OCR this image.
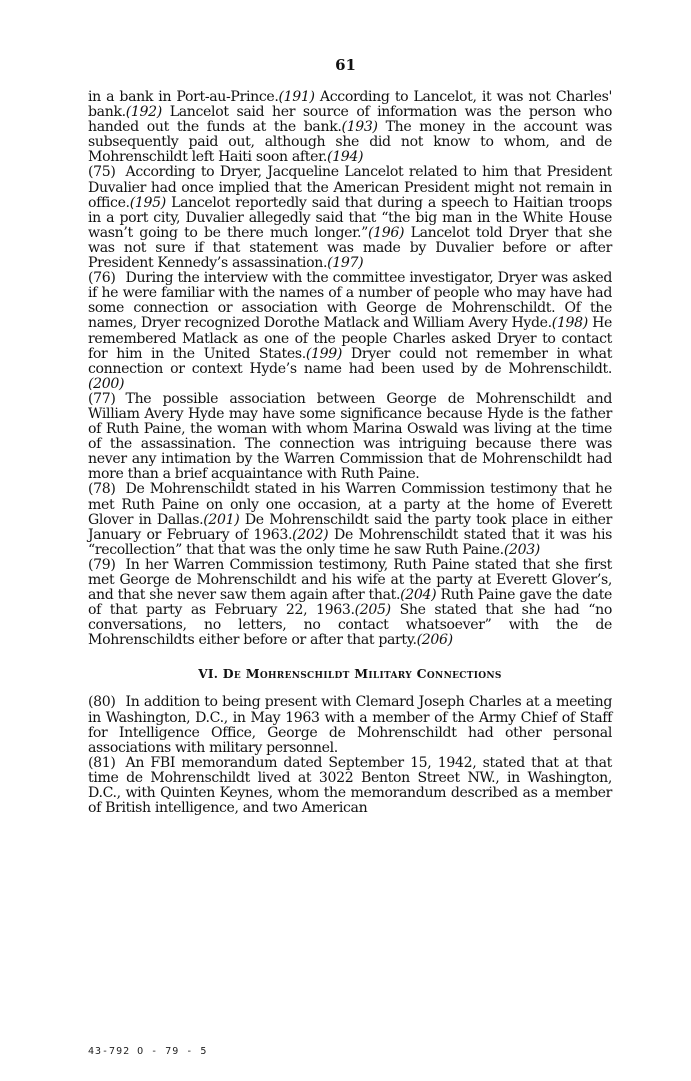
61

in a bank in Port-au-Prince.(191) According to Lancelot, it was not Charles' bank.(192) Lancelot said her source of information was the person who handed out the funds at the bank.(193) The money in the account was subsequently paid out, although she did not know to whom, and de Mohrenschildt left Haiti soon after.(194)

(75) According to Dryer, Jacqueline Lancelot related to him that President Duvalier had once implied that the American President might not remain in office.(195) Lancelot reportedly said that during a speech to Haitian troops in a port city, Duvalier allegedly said that “the big man in the White House wasn’t going to be there much longer.”(196) Lancelot told Dryer that she was not sure if that statement was made by Duvalier before or after President Kennedy’s assassination.(197)

(76) During the interview with the committee investigator, Dryer was asked if he were familiar with the names of a number of people who may have had some connection or association with George de Mohrenschildt. Of the names, Dryer recognized Dorothe Matlack and William Avery Hyde.(198) He remembered Matlack as one of the people Charles asked Dryer to contact for him in the United States.(199) Dryer could not remember in what connection or context Hyde’s name had been used by de Mohrenschildt.(200)

(77) The possible association between George de Mohrenschildt and William Avery Hyde may have some significance because Hyde is the father of Ruth Paine, the woman with whom Marina Oswald was living at the time of the assassination. The connection was intriguing because there was never any intimation by the Warren Commission that de Mohrenschildt had more than a brief acquaintance with Ruth Paine.

(78) De Mohrenschildt stated in his Warren Commission testimony that he met Ruth Paine on only one occasion, at a party at the home of Everett Glover in Dallas.(201) De Mohrenschildt said the party took place in either January or February of 1963.(202) De Mohrenschildt stated that it was his “recollection” that that was the only time he saw Ruth Paine.(203)

(79) In her Warren Commission testimony, Ruth Paine stated that she first met George de Mohrenschildt and his wife at the party at Everett Glover’s, and that she never saw them again after that.(204) Ruth Paine gave the date of that party as February 22, 1963.(205) She stated that she had “no conversations, no letters, no contact whatsoever” with the de Mohrenschildts either before or after that party.(206)

VI. De Mohrenschildt Military Connections

(80) In addition to being present with Clemard Joseph Charles at a meeting in Washington, D.C., in May 1963 with a member of the Army Chief of Staff for Intelligence Office, George de Mohrenschildt had other personal associations with military personnel.

(81) An FBI memorandum dated September 15, 1942, stated that at that time de Mohrenschildt lived at 3022 Benton Street NW., in Washington, D.C., with Quinten Keynes, whom the memorandum described as a member of British intelligence, and two American

43-792 O - 79 - 5
